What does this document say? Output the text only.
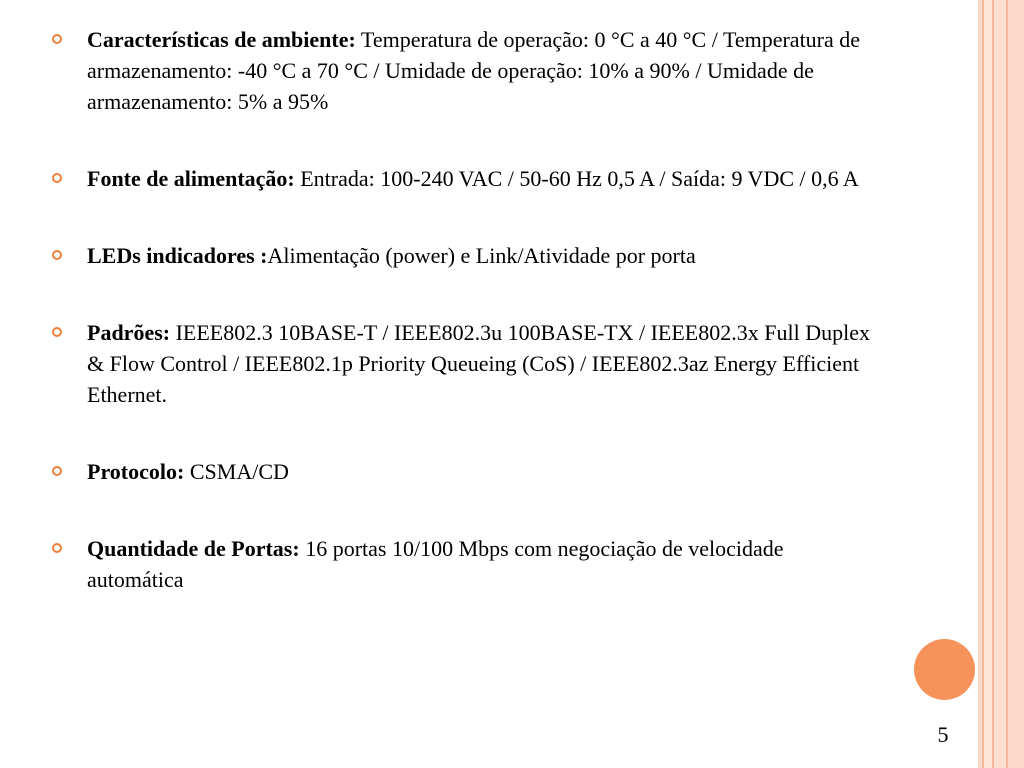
Características de ambiente: Temperatura de operação: 0 °C a 40 °C / Temperatura de armazenamento: -40 °C a 70 °C / Umidade de operação: 10% a 90% / Umidade de armazenamento: 5% a 95%
Fonte de alimentação: Entrada: 100-240 VAC / 50-60 Hz 0,5 A / Saída: 9 VDC / 0,6 A
LEDs indicadores :Alimentação (power) e Link/Atividade por porta
Padrões: IEEE802.3 10BASE-T / IEEE802.3u 100BASE-TX / IEEE802.3x Full Duplex & Flow Control / IEEE802.1p Priority Queueing (CoS) / IEEE802.3az Energy Efficient Ethernet.
Protocolo: CSMA/CD
Quantidade de Portas: 16 portas 10/100 Mbps com negociação de velocidade automática
5
